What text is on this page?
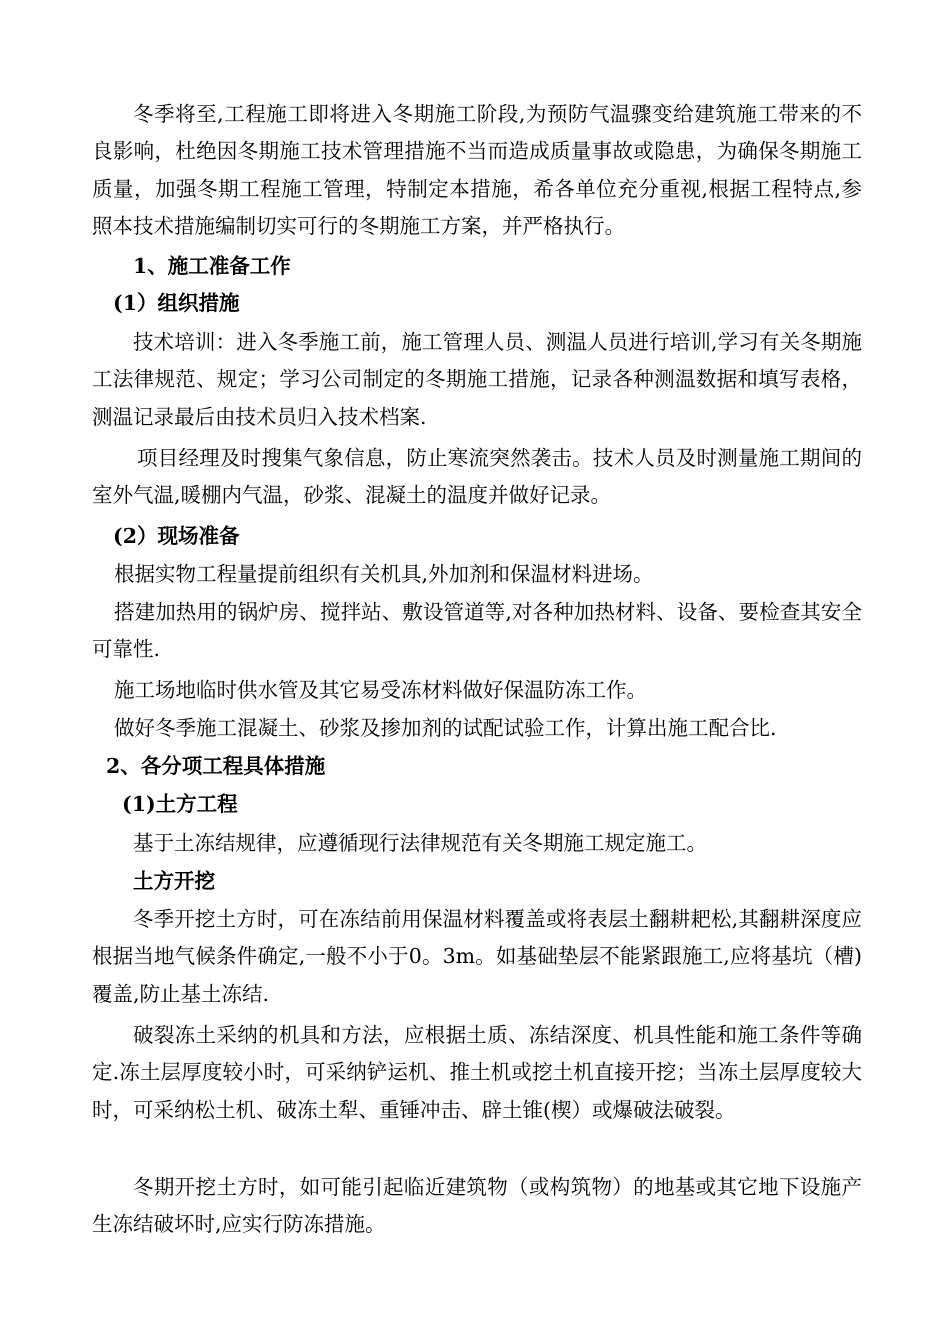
冬季将至,工程施工即将进入冬期施工阶段,为预防气温骤变给建筑施工带来的不良影响，杜绝因冬期施工技术管理措施不当而造成质量事故或隐患，为确保冬期施工质量，加强冬期工程施工管理，特制定本措施，希各单位充分重视,根据工程特点,参照本技术措施编制切实可行的冬期施工方案，并严格执行。

1、施工准备工作

(1）组织措施

技术培训：进入冬季施工前，施工管理人员、测温人员进行培训,学习有关冬期施工法律规范、规定；学习公司制定的冬期施工措施，记录各种测温数据和填写表格，测温记录最后由技术员归入技术档案.

项目经理及时搜集气象信息，防止寒流突然袭击。技术人员及时测量施工期间的室外气温,暖棚内气温，砂浆、混凝土的温度并做好记录。

(2）现场准备

根据实物工程量提前组织有关机具,外加剂和保温材料进场。

搭建加热用的锅炉房、搅拌站、敷设管道等,对各种加热材料、设备、要检查其安全可靠性.

施工场地临时供水管及其它易受冻材料做好保温防冻工作。

做好冬季施工混凝土、砂浆及掺加剂的试配试验工作，计算出施工配合比.

2、各分项工程具体措施

(1)土方工程

基于土冻结规律，应遵循现行法律规范有关冬期施工规定施工。

土方开挖

冬季开挖土方时，可在冻结前用保温材料覆盖或将表层土翻耕耙松,其翻耕深度应根据当地气候条件确定,一般不小于0。3m。如基础垫层不能紧跟施工,应将基坑（槽)覆盖,防止基土冻结.

破裂冻土采纳的机具和方法，应根据土质、冻结深度、机具性能和施工条件等确定.冻土层厚度较小时，可采纳铲运机、推土机或挖土机直接开挖；当冻土层厚度较大时，可采纳松土机、破冻土犁、重锤冲击、辟土锥(楔）或爆破法破裂。

冬期开挖土方时，如可能引起临近建筑物（或构筑物）的地基或其它地下设施产生冻结破坏时,应实行防冻措施。
